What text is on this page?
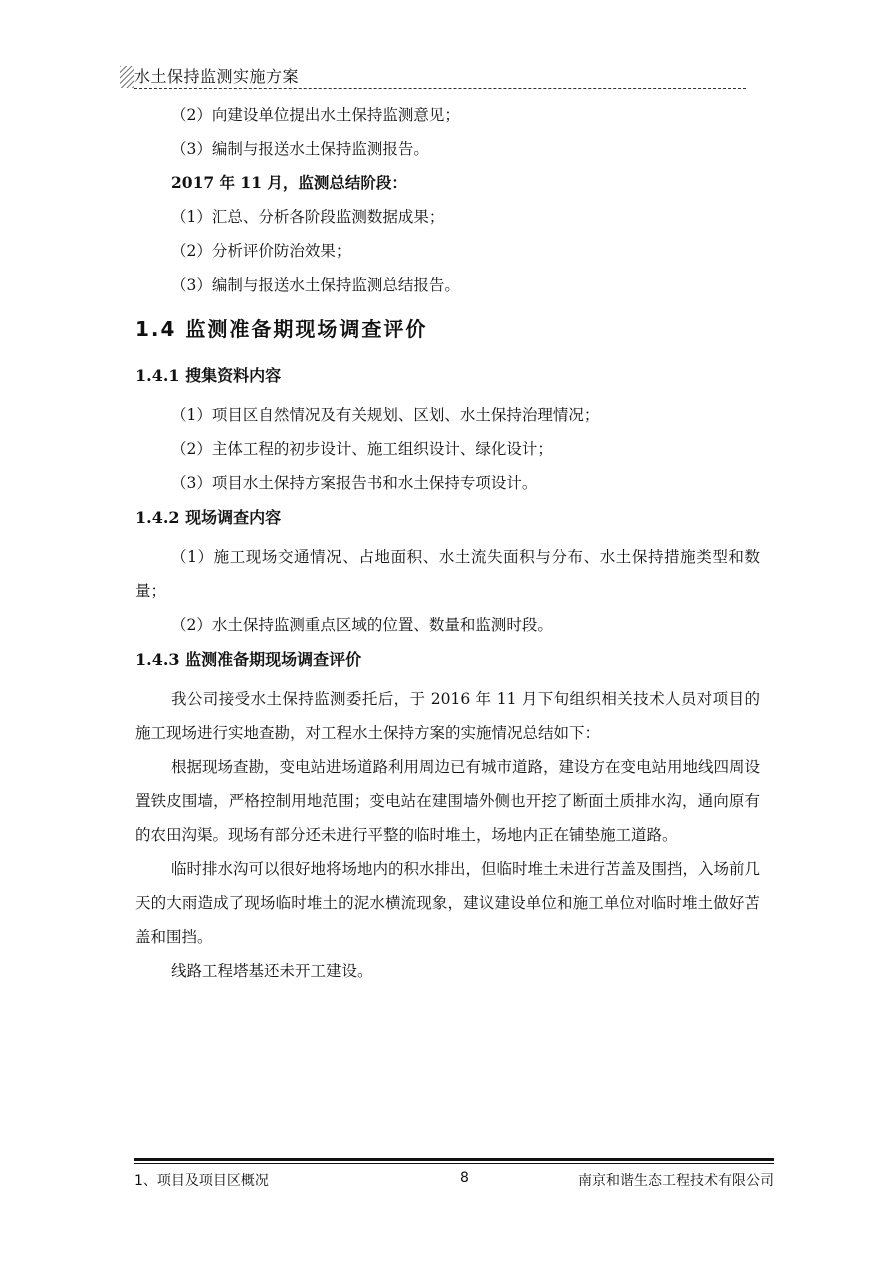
水土保持监测实施方案
（2）向建设单位提出水土保持监测意见；
（3）编制与报送水土保持监测报告。
2017 年 11 月，监测总结阶段：
（1）汇总、分析各阶段监测数据成果；
（2）分析评价防治效果；
（3）编制与报送水土保持监测总结报告。
1.4 监测准备期现场调查评价
1.4.1 搜集资料内容
（1）项目区自然情况及有关规划、区划、水土保持治理情况；
（2）主体工程的初步设计、施工组织设计、绿化设计；
（3）项目水土保持方案报告书和水土保持专项设计。
1.4.2 现场调查内容

（1）施工现场交通情况、占地面积、水土流失面积与分布、水土保持措施类型和数量；

（2）水土保持监测重点区域的位置、数量和监测时段。
1.4.3 监测准备期现场调查评价

我公司接受水土保持监测委托后，于 2016 年 11 月下旬组织相关技术人员对项目的施工现场进行实地查勘，对工程水土保持方案的实施情况总结如下：

根据现场查勘，变电站进场道路利用周边已有城市道路，建设方在变电站用地线四周设置铁皮围墙，严格控制用地范围；变电站在建围墙外侧也开挖了断面土质排水沟，通向原有的农田沟渠。现场有部分还未进行平整的临时堆土，场地内正在铺垫施工道路。

临时排水沟可以很好地将场地内的积水排出，但临时堆土未进行苫盖及围挡，入场前几天的大雨造成了现场临时堆土的泥水横流现象，建议建设单位和施工单位对临时堆土做好苫盖和围挡。

线路工程塔基还未开工建设。

1、项目及项目区概况	8	南京和谐生态工程技术有限公司
